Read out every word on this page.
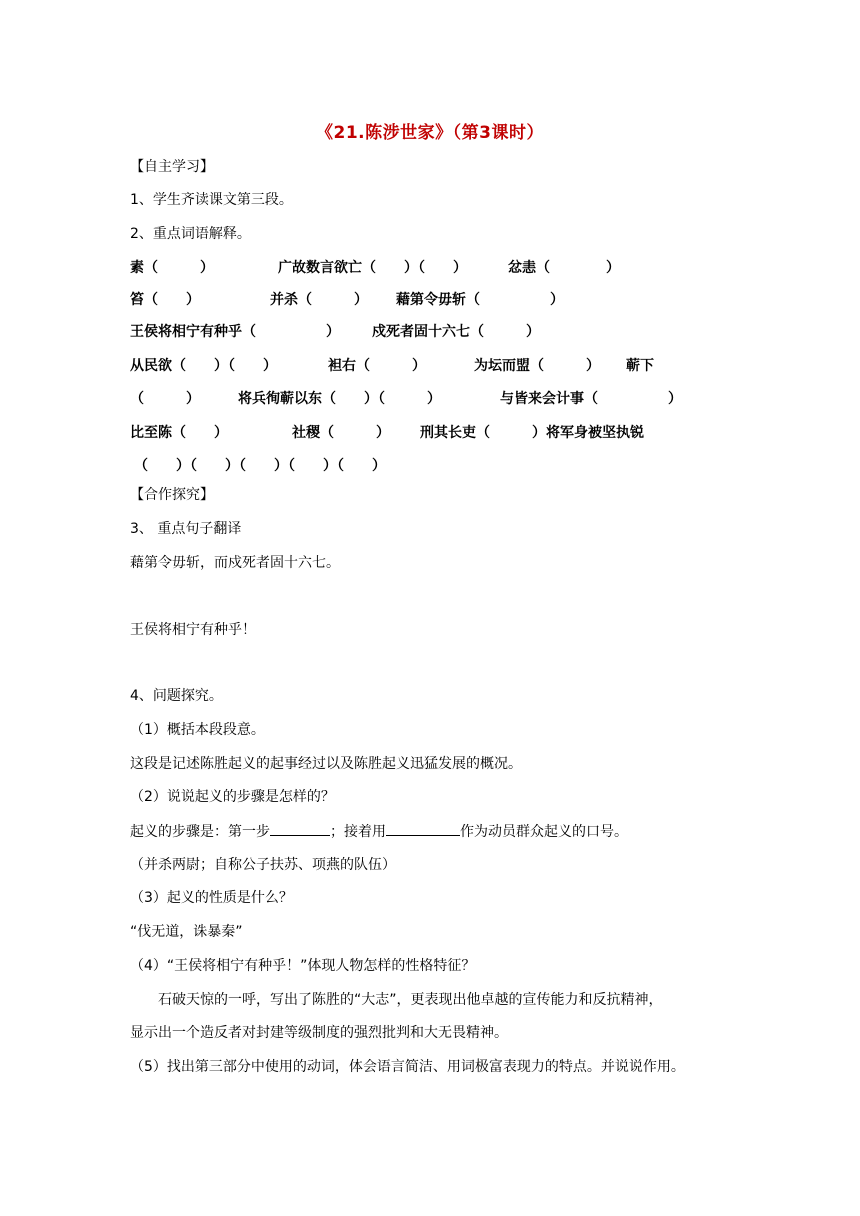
《21.陈涉世家》（第3课时）
【自主学习】
1、学生齐读课文第三段。
2、重点词语解释。
素（　　　）	广故数言欲亡（　　）（　　）	忿恚（　　　　）
笞（　　）	并杀（　　　） 藉第令毋斩（　　　　　）
王侯将相宁有种乎（　　　　　） 戍死者固十六七（　　　）
从民欲（　　）（　　）	袒右（　　　）	为坛而盟（　　　） 蕲下
（　　　）	将兵徇蕲以东（　　）（　　　）	与皆来会计事（　　　　　）
比至陈（　　）	社稷（　　　） 刑其长吏（　　　）将军身被坚执锐
（　　）（　　）（　　）（　　）（　　）
【合作探究】
3、 重点句子翻译
藉第令毋斩，而戍死者固十六七。
王侯将相宁有种乎！
4、问题探究。
（1）概括本段段意。
这段是记述陈胜起义的起事经过以及陈胜起义迅猛发展的概况。
（2）说说起义的步骤是怎样的？
起义的步骤是：第一步	；接着用	作为动员群众起义的口号。
（并杀两尉；自称公子扶苏、项燕的队伍）
（3）起义的性质是什么？
“伐无道，诛暴秦”
（4）“王侯将相宁有种乎！”体现人物怎样的性格特征？
石破天惊的一呼，写出了陈胜的“大志”，更表现出他卓越的宣传能力和反抗精神，
显示出一个造反者对封建等级制度的强烈批判和大无畏精神。
（5）找出第三部分中使用的动词，体会语言简洁、用词极富表现力的特点。并说说作用。
